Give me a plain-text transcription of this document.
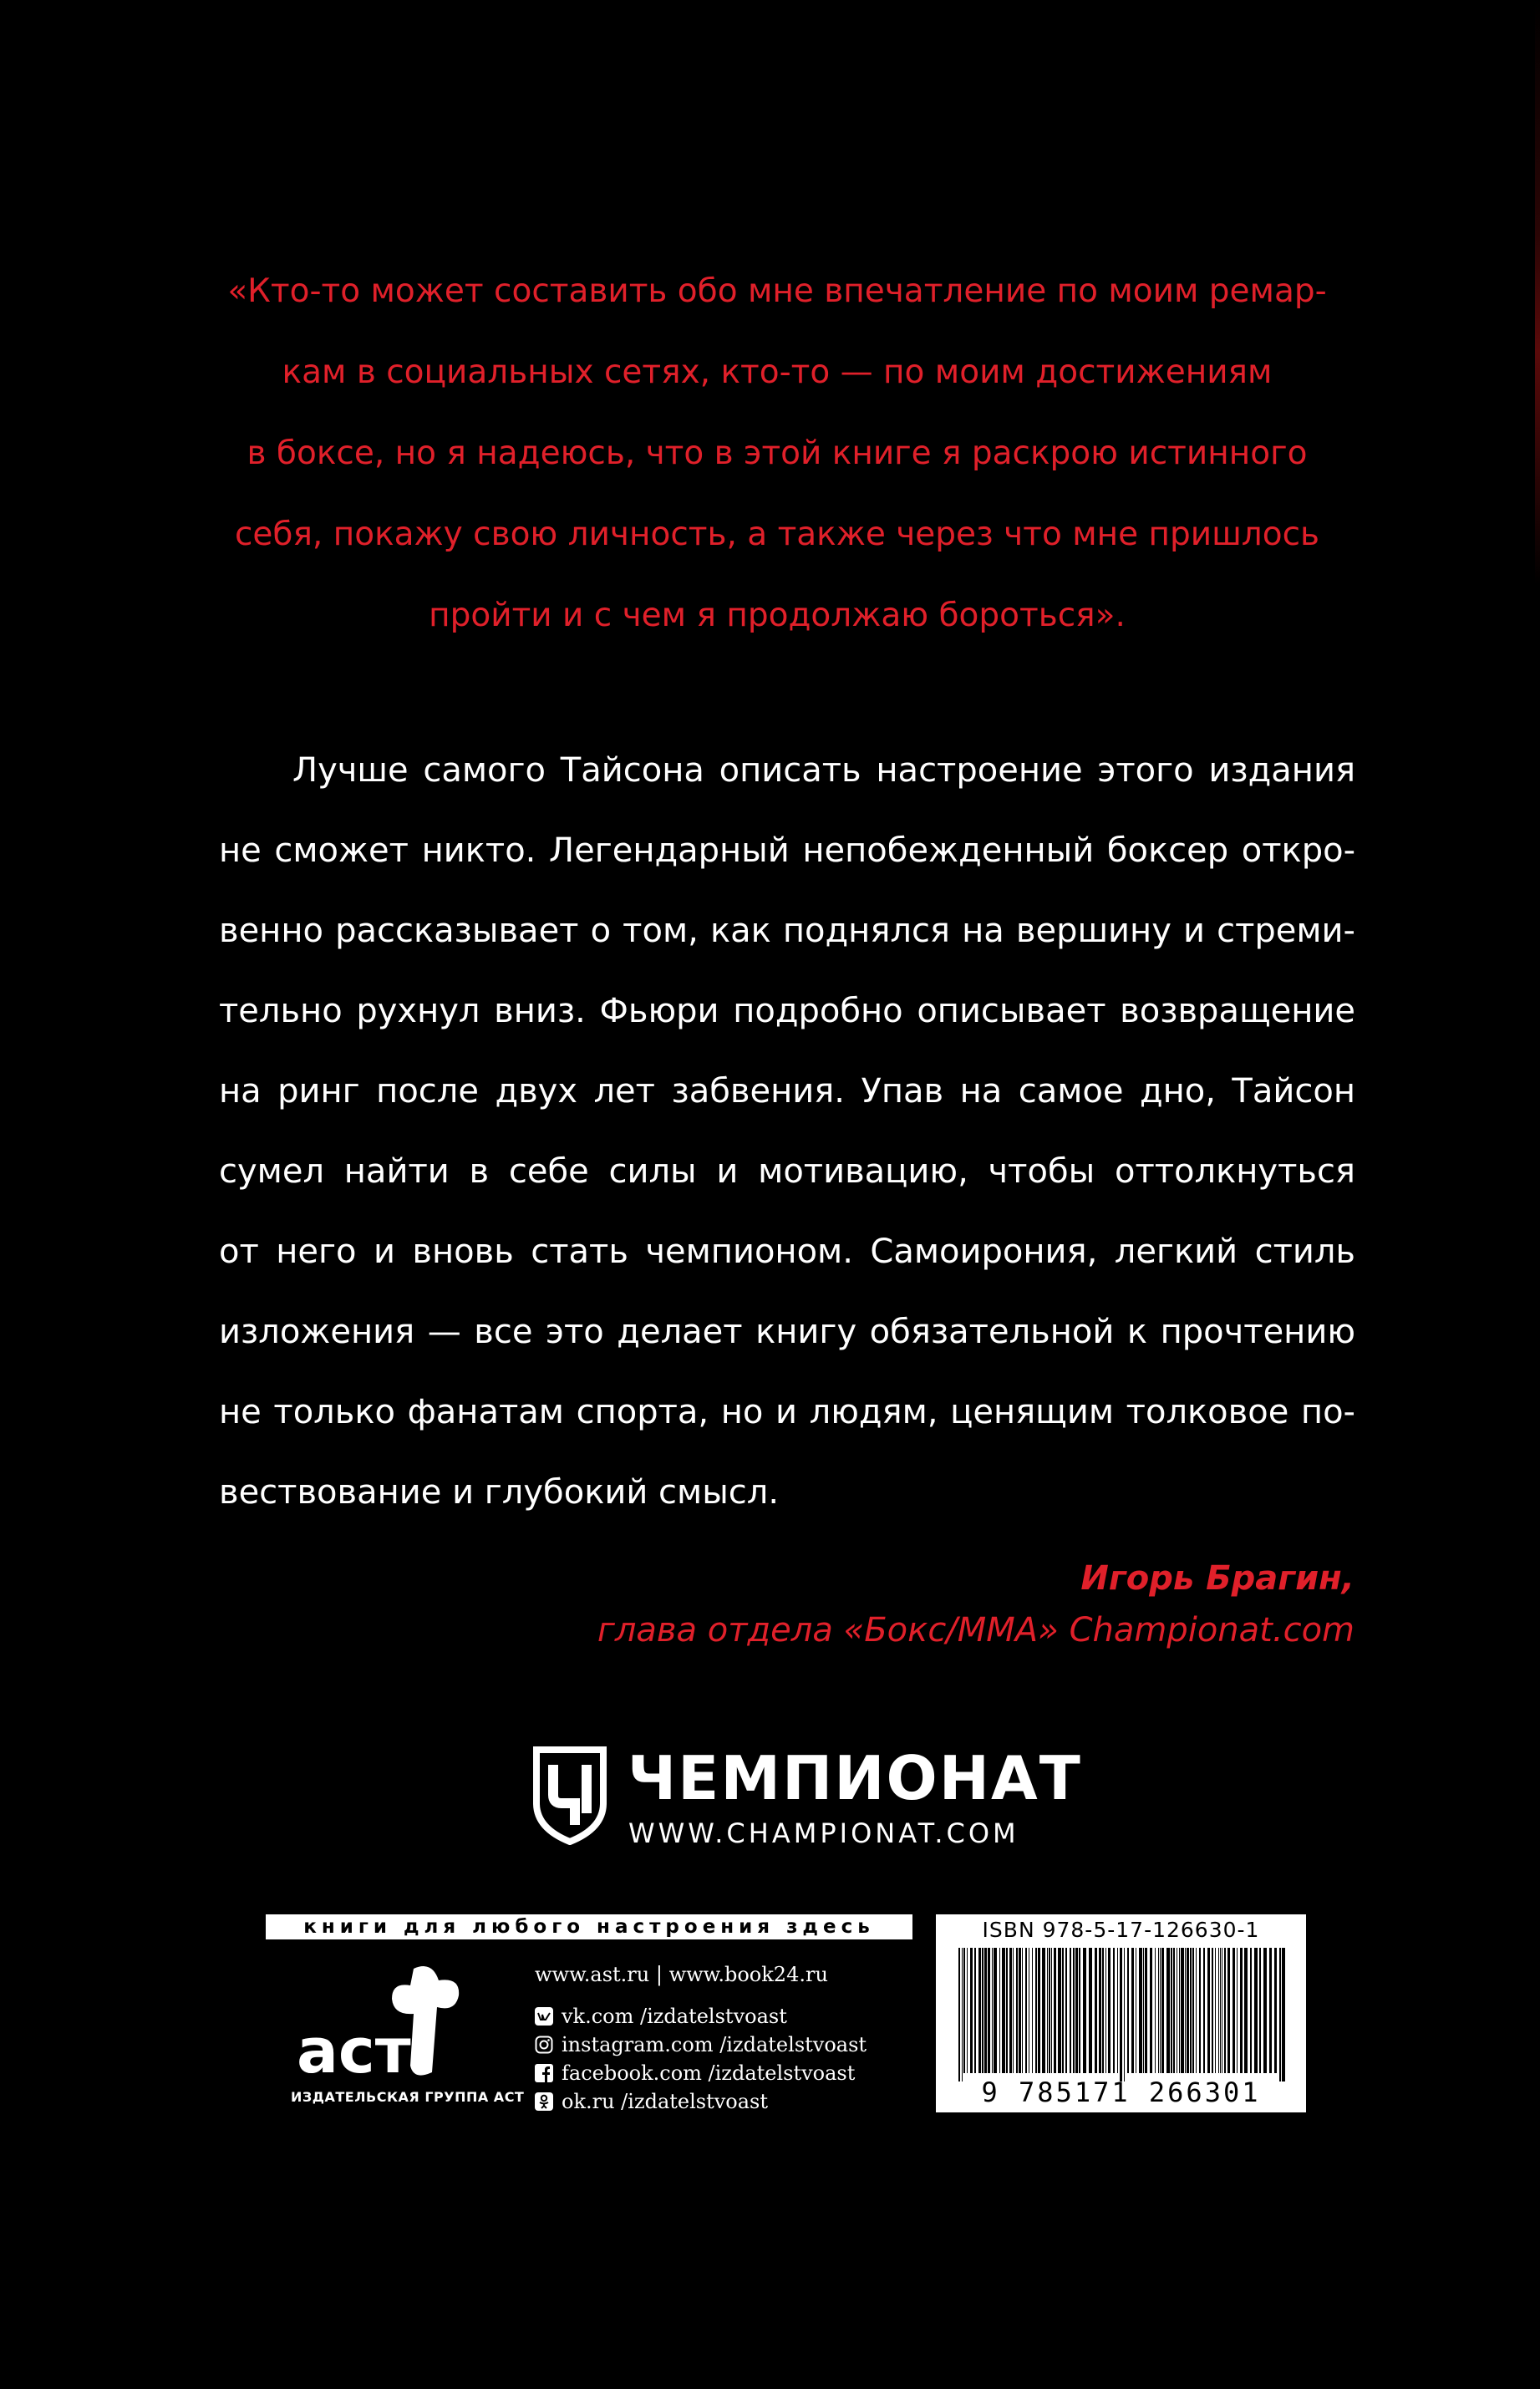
«Кто-то может составить обо мне впечатление по моим ремар-
кам в социальных сетях, кто-то — по моим достижениям
в боксе, но я надеюсь, что в этой книге я раскрою истинного
себя, покажу свою личность, а также через что мне пришлось
пройти и с чем я продолжаю бороться».
Лучше самого Тайсона описать настроение этого издания
не сможет никто. Легендарный непобежденный боксер откро-
венно рассказывает о том, как поднялся на вершину и стреми-
тельно рухнул вниз. Фьюри подробно описывает возвращение
на ринг после двух лет забвения. Упав на самое дно, Тайсон
сумел найти в себе силы и мотивацию, чтобы оттолкнуться
от него и вновь стать чемпионом. Самоирония, легкий стиль
изложения — все это делает книгу обязательной к прочтению
не только фанатам спорта, но и людям, ценящим толковое по-
вествование и глубокий смысл.
Игорь Брагин,
глава отдела «Бокс/ММА» Championat.com
ЧЕМПИОНАТ
WWW.CHAMPIONAT.COM
книги для любого настроения здесь
аст
ИЗДАТЕЛЬСКАЯ ГРУППА АСТ
www.ast.ru | www.book24.ru
vk.com /izdatelstvoast
instagram.com /izdatelstvoast
facebook.com /izdatelstvoast
ok.ru /izdatelstvoast
ISBN 978-5-17-126630-1
9 785171 266301
